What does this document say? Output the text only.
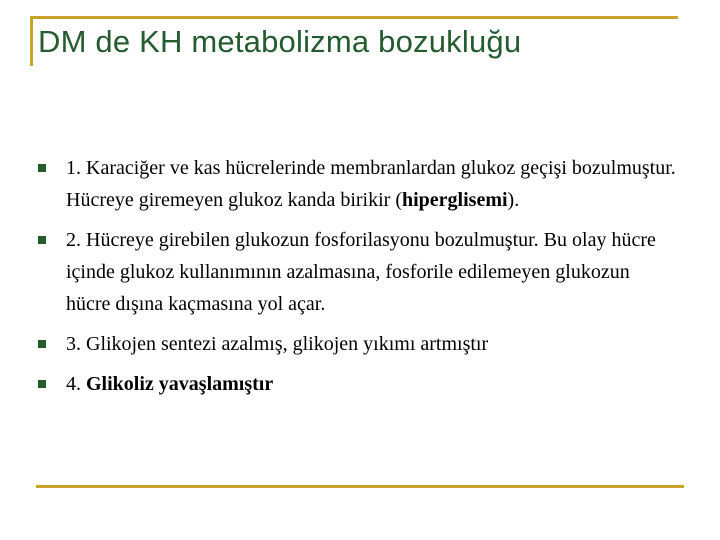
DM de KH metabolizma bozukluğu
1. Karaciğer ve kas hücrelerinde membranlardan glukoz geçişi bozulmuştur. Hücreye giremeyen glukoz kanda birikir (hiperglisemi).
2. Hücreye girebilen glukozun fosforilasyonu bozulmuştur. Bu olay hücre içinde glukoz kullanımının azalmasına, fosforile edilemeyen glukozun hücre dışına kaçmasına yol açar.
3. Glikojen sentezi azalmış, glikojen yıkımı artmıştır
4. Glikoliz yavaşlamıştır
